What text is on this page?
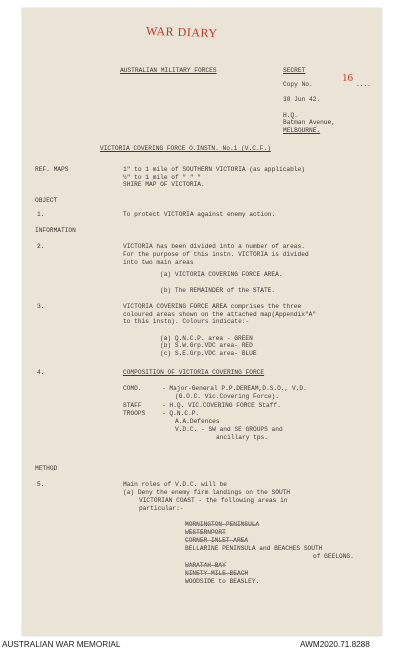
WAR DIARY
16
AUSTRALIAN MILITARY FORCES	SECRET
Copy No.	....
30 Jun 42.
H.Q.
Batman Avenue,
MELBOURNE.
VICTORIA COVERING FORCE O.INSTN. No.1 (V.C.F.)
REF. MAPS	1" to 1 mile of SOUTHERN VICTORIA (as applicable)
½" to 1 mile of " " "
SHIRE MAP OF VICTORIA.
OBJECT
1.	To protect VICTORIA against enemy action.
INFORMATION
2.	VICTORIA has been divided into a number of areas.
For the purpose of this instn. VICTORIA is divided
into two main areas
(a) VICTORIA COVERING FORCE AREA.
(b) The REMAINDER of the STATE.
3.	VICTORIA COVERING FORCE AREA comprises the three
coloured areas shown on the attached map(Appendix"A"
to this instn). Colours indicate:-
(a) Q.N.C.P. area - GREEN
(b) S.W.Grp.VDC area- RED
(c) S.E.Grp.VDC area- BLUE
4.	COMPOSITION OF VICTORIA COVERING FORCE
COMD.	- Major-General P.P.DEREAM,D.S.O., V.D.
(G.O.C. Vic.Covering Force).
STAFF	- H.Q. VIC.COVERING FORCE Staff.
TROOPS	- Q.N.C.P.
A.A.Defences
V.D.C. - SW and SE GROUPS and
ancillary tps.
METHOD
5.	Main roles of V.D.C. will be
(a) Deny the enemy firm landings on the SOUTH
VICTORIAN COAST - the following areas in
particular:-
MORNINGTON PENINSULA
WESTERNPORT
CORNER INLET AREA
BELLARINE PENINSULA and BEACHES SOUTH
of GEELONG.
WARATAH BAY
NINETY MILE BEACH
WOODSIDE to BEASLEY.
AUSTRALIAN WAR MEMORIAL	AWM2020.71.8288
